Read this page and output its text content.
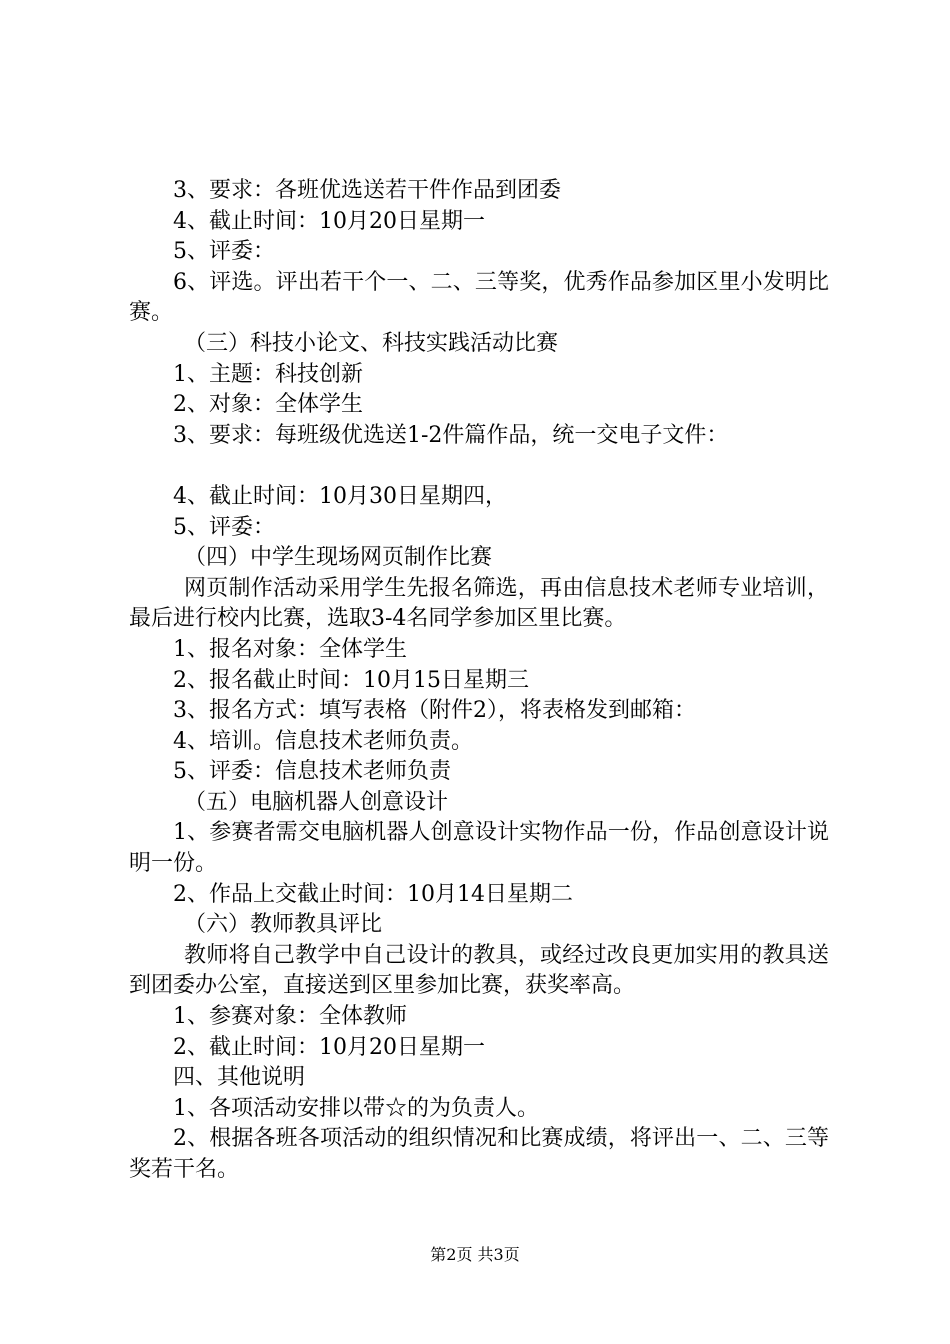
3、要求：各班优选送若干件作品到团委

4、截止时间：10月20日星期一

5、评委：

6、评选。评出若干个一、二、三等奖，优秀作品参加区里小发明比赛。

（三）科技小论文、科技实践活动比赛

1、主题：科技创新

2、对象：全体学生

3、要求：每班级优选送1-2件篇作品，统一交电子文件：

4、截止时间：10月30日星期四，

5、评委：

（四）中学生现场网页制作比赛

网页制作活动采用学生先报名筛选，再由信息技术老师专业培训，最后进行校内比赛，选取3-4名同学参加区里比赛。

1、报名对象：全体学生

2、报名截止时间：10月15日星期三

3、报名方式：填写表格（附件2），将表格发到邮箱：

4、培训。信息技术老师负责。

5、评委：信息技术老师负责

（五）电脑机器人创意设计

1、参赛者需交电脑机器人创意设计实物作品一份，作品创意设计说明一份。

2、作品上交截止时间：10月14日星期二

（六）教师教具评比

教师将自己教学中自己设计的教具，或经过改良更加实用的教具送到团委办公室，直接送到区里参加比赛，获奖率高。

1、参赛对象：全体教师

2、截止时间：10月20日星期一

四、其他说明

1、各项活动安排以带☆的为负责人。

2、根据各班各项活动的组织情况和比赛成绩，将评出一、二、三等奖若干名。

第2页 共3页
